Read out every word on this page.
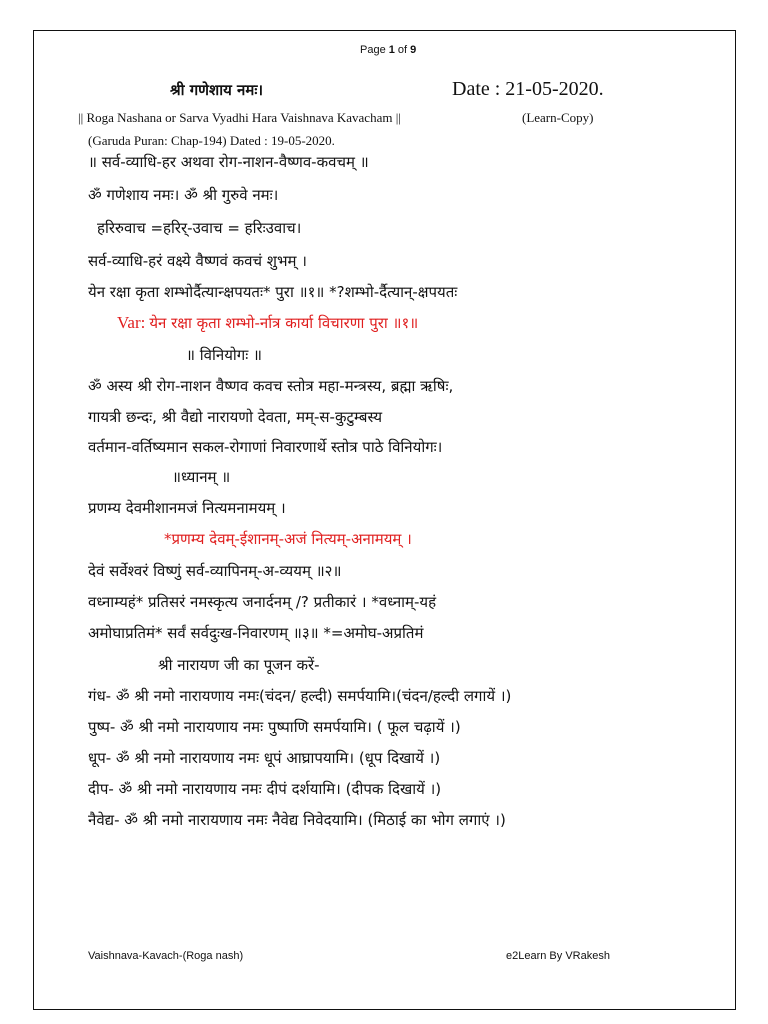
Page 1 of 9
श्री गणेशाय नमः।	Date : 21-05-2020.
|| Roga Nashana or Sarva Vyadhi Hara Vaishnava Kavacham ||	(Learn-Copy)
(Garuda Puran: Chap-194) Dated : 19-05-2020.
॥ सर्व-व्याधि-हर अथवा रोग-नाशन-वैष्णव-कवचम् ॥
ॐ गणेशाय नमः। ॐ श्री गुरुवे नमः।
हरिरुवाच =हरिर्-उवाच = हरिःउवाच।
सर्व-व्याधि-हरं वक्ष्ये वैष्णवं कवचं शुभम् ।
येन रक्षा कृता शम्भोर्दैत्यान्क्षपयतः* पुरा ॥१॥ *?शम्भो-र्दैत्यान्-क्षपयतः
Var: येन रक्षा कृता शम्भो-र्नात्र कार्या विचारणा पुरा ॥१॥
॥ विनियोगः ॥
ॐ अस्य श्री रोग-नाशन वैष्णव कवच स्तोत्र महा-मन्त्रस्य, ब्रह्मा ऋषिः,
गायत्री छन्दः, श्री वैद्यो नारायणो देवता, मम्-स-कुटुम्बस्य
वर्तमान-वर्तिष्यमान सकल-रोगाणां निवारणार्थे स्तोत्र पाठे विनियोगः।
॥ध्यानम् ॥
प्रणम्य देवमीशानमजं नित्यमनामयम् ।
*प्रणम्य देवम्-ईशानम्-अजं नित्यम्-अनामयम् ।
देवं सर्वेश्वरं विष्णुं सर्व-व्यापिनम्-अ-व्ययम् ॥२॥
वध्नाम्यहं* प्रतिसरं नमस्कृत्य जनार्दनम् /? प्रतीकारं । *वध्नाम्-यहं
अमोघाप्रतिमं* सर्वं सर्वदुःख-निवारणम् ॥३॥ *=अमोघ-अप्रतिमं
श्री नारायण जी का पूजन करें-
गंध- ॐ श्री नमो नारायणाय नमः(चंदन/ हल्दी) समर्पयामि।(चंदन/हल्दी लगायें ।)
पुष्प- ॐ श्री नमो नारायणाय नमः पुष्पाणि समर्पयामि। ( फूल चढ़ायें ।)
धूप- ॐ श्री नमो नारायणाय नमः धूपं आघ्रापयामि। (धूप दिखायें ।)
दीप- ॐ श्री नमो नारायणाय नमः दीपं दर्शयामि। (दीपक दिखायें ।)
नैवेद्य- ॐ श्री नमो नारायणाय नमः नैवेद्य निवेदयामि। (मिठाई का भोग लगाएं ।)
Vaishnava-Kavach-(Roga nash)	e2Learn By VRakesh
